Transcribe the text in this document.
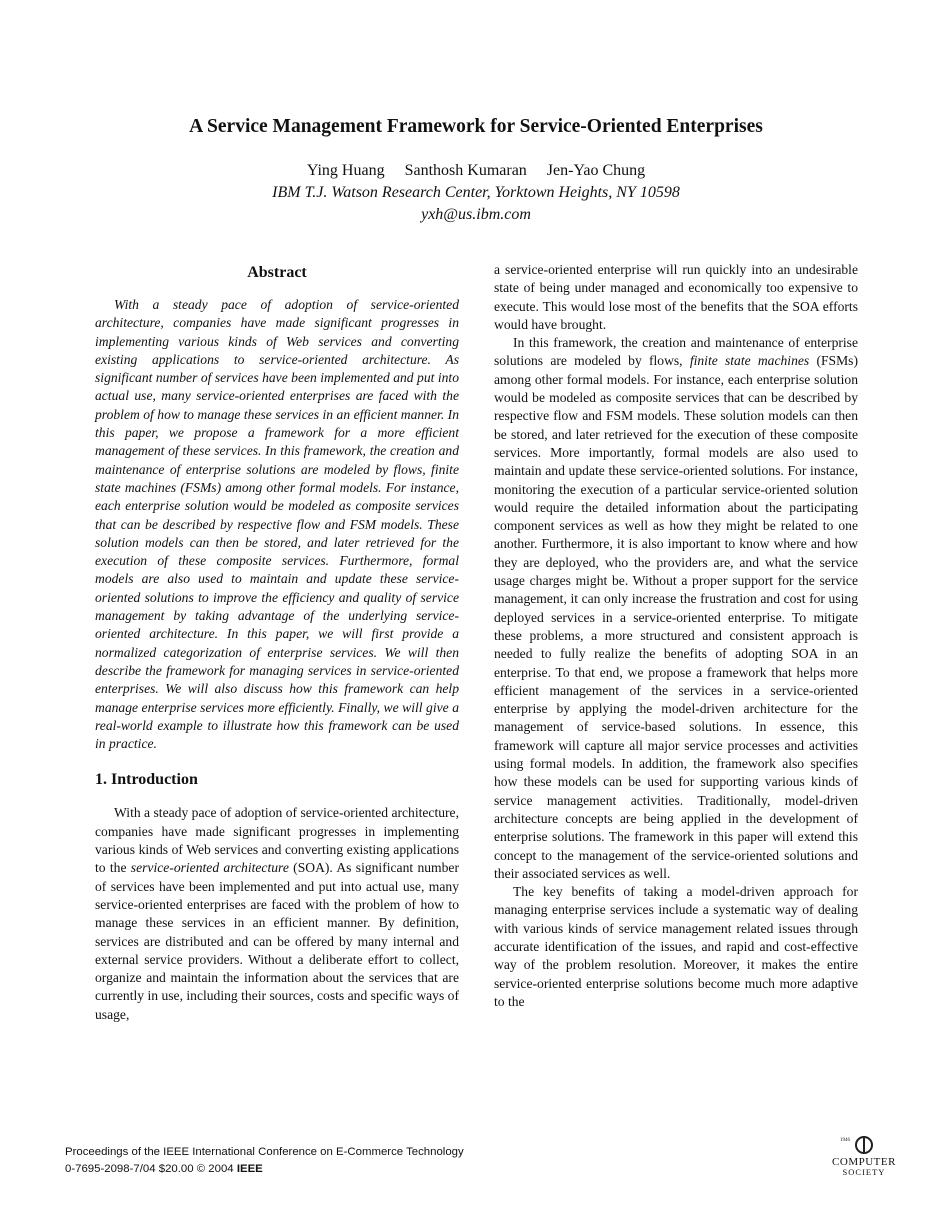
A Service Management Framework for Service-Oriented Enterprises
Ying Huang Santhosh Kumaran Jen-Yao Chung
IBM T.J. Watson Research Center, Yorktown Heights, NY 10598
yxh@us.ibm.com
Abstract

With a steady pace of adoption of service-oriented architecture, companies have made significant progresses in implementing various kinds of Web services and converting existing applications to service-oriented architecture. As significant number of services have been implemented and put into actual use, many service-oriented enterprises are faced with the problem of how to manage these services in an efficient manner. In this paper, we propose a framework for a more efficient management of these services. In this framework, the creation and maintenance of enterprise solutions are modeled by flows, finite state machines (FSMs) among other formal models. For instance, each enterprise solution would be modeled as composite services that can be described by respective flow and FSM models. These solution models can then be stored, and later retrieved for the execution of these composite services. Furthermore, formal models are also used to maintain and update these service-oriented solutions to improve the efficiency and quality of service management by taking advantage of the underlying service-oriented architecture. In this paper, we will first provide a normalized categorization of enterprise services. We will then describe the framework for managing services in service-oriented enterprises. We will also discuss how this framework can help manage enterprise services more efficiently. Finally, we will give a real-world example to illustrate how this framework can be used in practice.

1. Introduction

With a steady pace of adoption of service-oriented architecture, companies have made significant progresses in implementing various kinds of Web services and converting existing applications to the service-oriented architecture (SOA). As significant number of services have been implemented and put into actual use, many service-oriented enterprises are faced with the problem of how to manage these services in an efficient manner. By definition, services are distributed and can be offered by many internal and external service providers. Without a deliberate effort to collect, organize and maintain the information about the services that are currently in use, including their sources, costs and specific ways of usage,

a service-oriented enterprise will run quickly into an undesirable state of being under managed and economically too expensive to execute. This would lose most of the benefits that the SOA efforts would have brought.

In this framework, the creation and maintenance of enterprise solutions are modeled by flows, finite state machines (FSMs) among other formal models. For instance, each enterprise solution would be modeled as composite services that can be described by respective flow and FSM models. These solution models can then be stored, and later retrieved for the execution of these composite services. More importantly, formal models are also used to maintain and update these service-oriented solutions. For instance, monitoring the execution of a particular service-oriented solution would require the detailed information about the participating component services as well as how they might be related to one another. Furthermore, it is also important to know where and how they are deployed, who the providers are, and what the service usage charges might be. Without a proper support for the service management, it can only increase the frustration and cost for using deployed services in a service-oriented enterprise. To mitigate these problems, a more structured and consistent approach is needed to fully realize the benefits of adopting SOA in an enterprise. To that end, we propose a framework that helps more efficient management of the services in a service-oriented enterprise by applying the model-driven architecture for the management of service-based solutions. In essence, this framework will capture all major service processes and activities using formal models. In addition, the framework also specifies how these models can be used for supporting various kinds of service management activities. Traditionally, model-driven architecture concepts are being applied in the development of enterprise solutions. The framework in this paper will extend this concept to the management of the service-oriented solutions and their associated services as well.

The key benefits of taking a model-driven approach for managing enterprise services include a systematic way of dealing with various kinds of service management related issues through accurate identification of the issues, and rapid and cost-effective way of the problem resolution. Moreover, it makes the entire service-oriented enterprise solutions become much more adaptive to the

Proceedings of the IEEE International Conference on E-Commerce Technology
0-7695-2098-7/04 $20.00 © 2004 IEEE
1946
COMPUTER
SOCIETY
